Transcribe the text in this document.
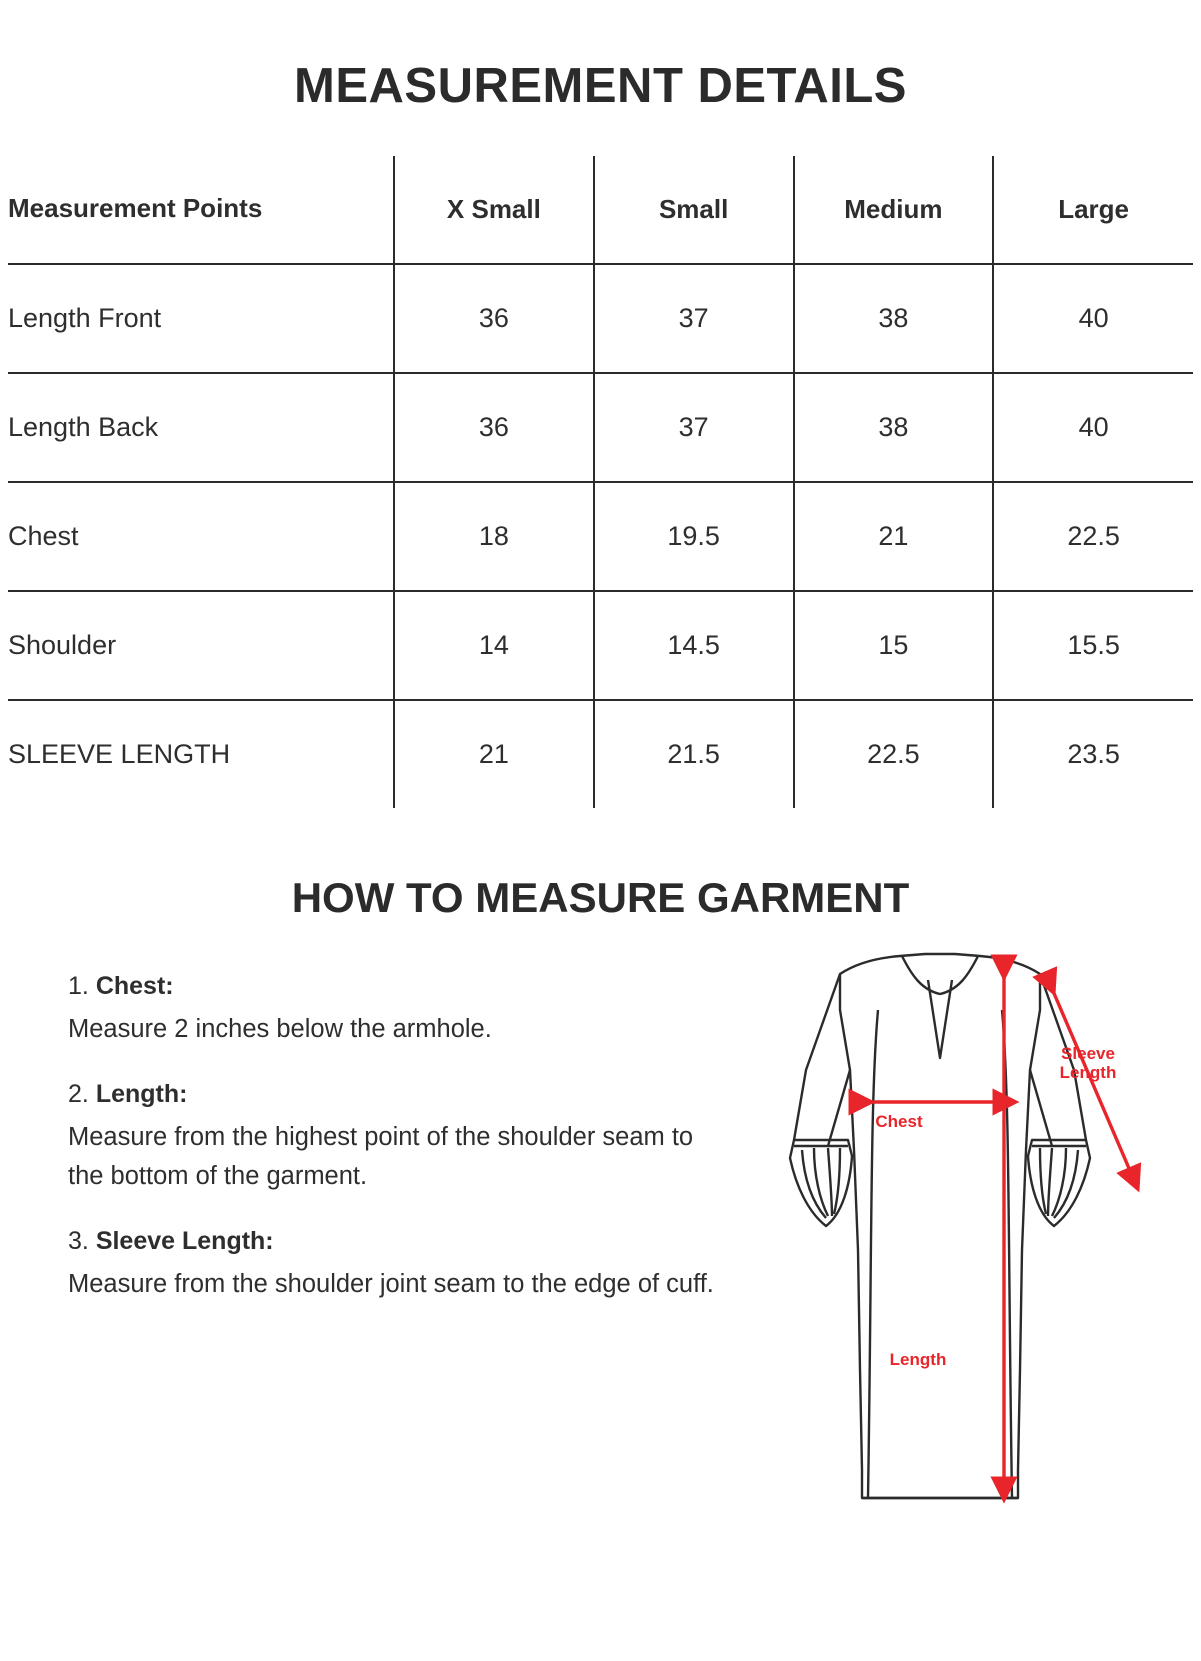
MEASUREMENT DETAILS
Measurement Points	X Small	Small	Medium	Large
Length Front	36	37	38	40
Length Back	36	37	38	40
Chest	18	19.5	21	22.5
Shoulder	14	14.5	15	15.5
SLEEVE LENGTH	21	21.5	22.5	23.5
HOW TO MEASURE GARMENT
1. Chest:
Measure 2 inches below the armhole.
2. Length:
Measure from the highest point of the shoulder seam to the bottom of the garment.
3. Sleeve Length:
Measure from the shoulder joint seam to the edge of cuff.
Sleeve
Length
Chest
Length
